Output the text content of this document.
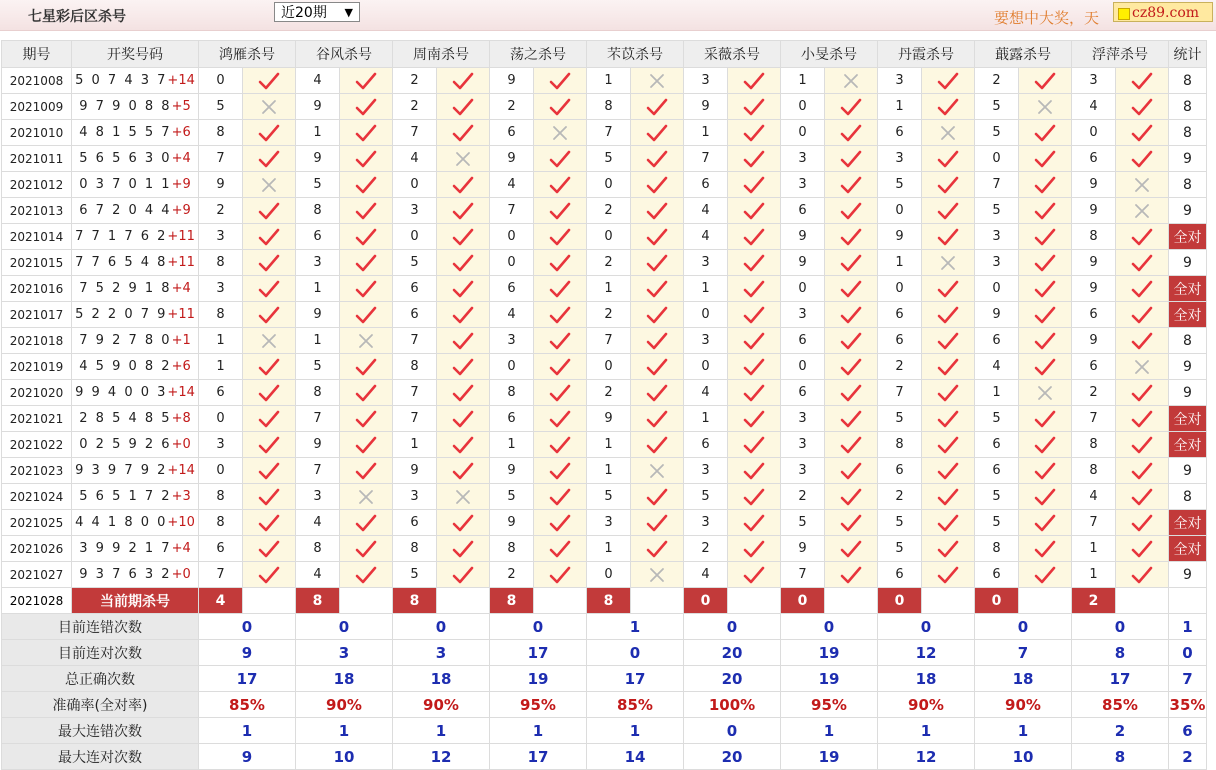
七星彩后区杀号	近20期 ▼	要想中大奖，天	cz89.com
期号	开奖号码	鸿雁杀号		谷风杀号		周南杀号		荡之杀号		芣苡杀号		采薇杀号		小旻杀号		丹霞杀号		蕺露杀号		浮萍杀号		统计
2021008	5 0 7 4 3 7+14	0		4		2		9		1		3		1		3		2		3		8
2021009	9 7 9 0 8 8+5	5		9		2		2		8		9		0		1		5		4		8
2021010	4 8 1 5 5 7+6	8		1		7		6		7		1		0		6		5		0		8
2021011	5 6 5 6 3 0+4	7		9		4		9		5		7		3		3		0		6		9
2021012	0 3 7 0 1 1+9	9		5		0		4		0		6		3		5		7		9		8
2021013	6 7 2 0 4 4+9	2		8		3		7		2		4		6		0		5		9		9
2021014	7 7 1 7 6 2+11	3		6		0		0		0		4		9		9		3		8		全对
2021015	7 7 6 5 4 8+11	8		3		5		0		2		3		9		1		3		9		9
2021016	7 5 2 9 1 8+4	3		1		6		6		1		1		0		0		0		9		全对
2021017	5 2 2 0 7 9+11	8		9		6		4		2		0		3		6		9		6		全对
2021018	7 9 2 7 8 0+1	1		1		7		3		7		3		6		6		6		9		8
2021019	4 5 9 0 8 2+6	1		5		8		0		0		0		0		2		4		6		9
2021020	9 9 4 0 0 3+14	6		8		7		8		2		4		6		7		1		2		9
2021021	2 8 5 4 8 5+8	0		7		7		6		9		1		3		5		5		7		全对
2021022	0 2 5 9 2 6+0	3		9		1		1		1		6		3		8		6		8		全对
2021023	9 3 9 7 9 2+14	0		7		9		9		1		3		3		6		6		8		9
2021024	5 6 5 1 7 2+3	8		3		3		5		5		5		2		2		5		4		8
2021025	4 4 1 8 0 0+10	8		4		6		9		3		3		5		5		5		7		全对
2021026	3 9 9 2 1 7+4	6		8		8		8		1		2		9		5		8		1		全对
2021027	9 3 7 6 3 2+0	7		4		5		2		0		4		7		6		6		1		9
2021028	当前期杀号	4		8		8		8		8		0		0		0		0		2		
目前连错次数		0		0		0		0		1		0		0		0		0		0		1
目前连对次数		9		3		3		17		0		20		19		12		7		8		0
总正确次数		17		18		18		19		17		20		19		18		18		17		7
准确率(全对率)		85%		90%		90%		95%		85%		100%		95%		90%		90%		85%		35%
最大连错次数		1		1		1		1		1		0		1		1		1		2		6
最大连对次数		9		10		12		17		14		20		19		12		10		8		2
